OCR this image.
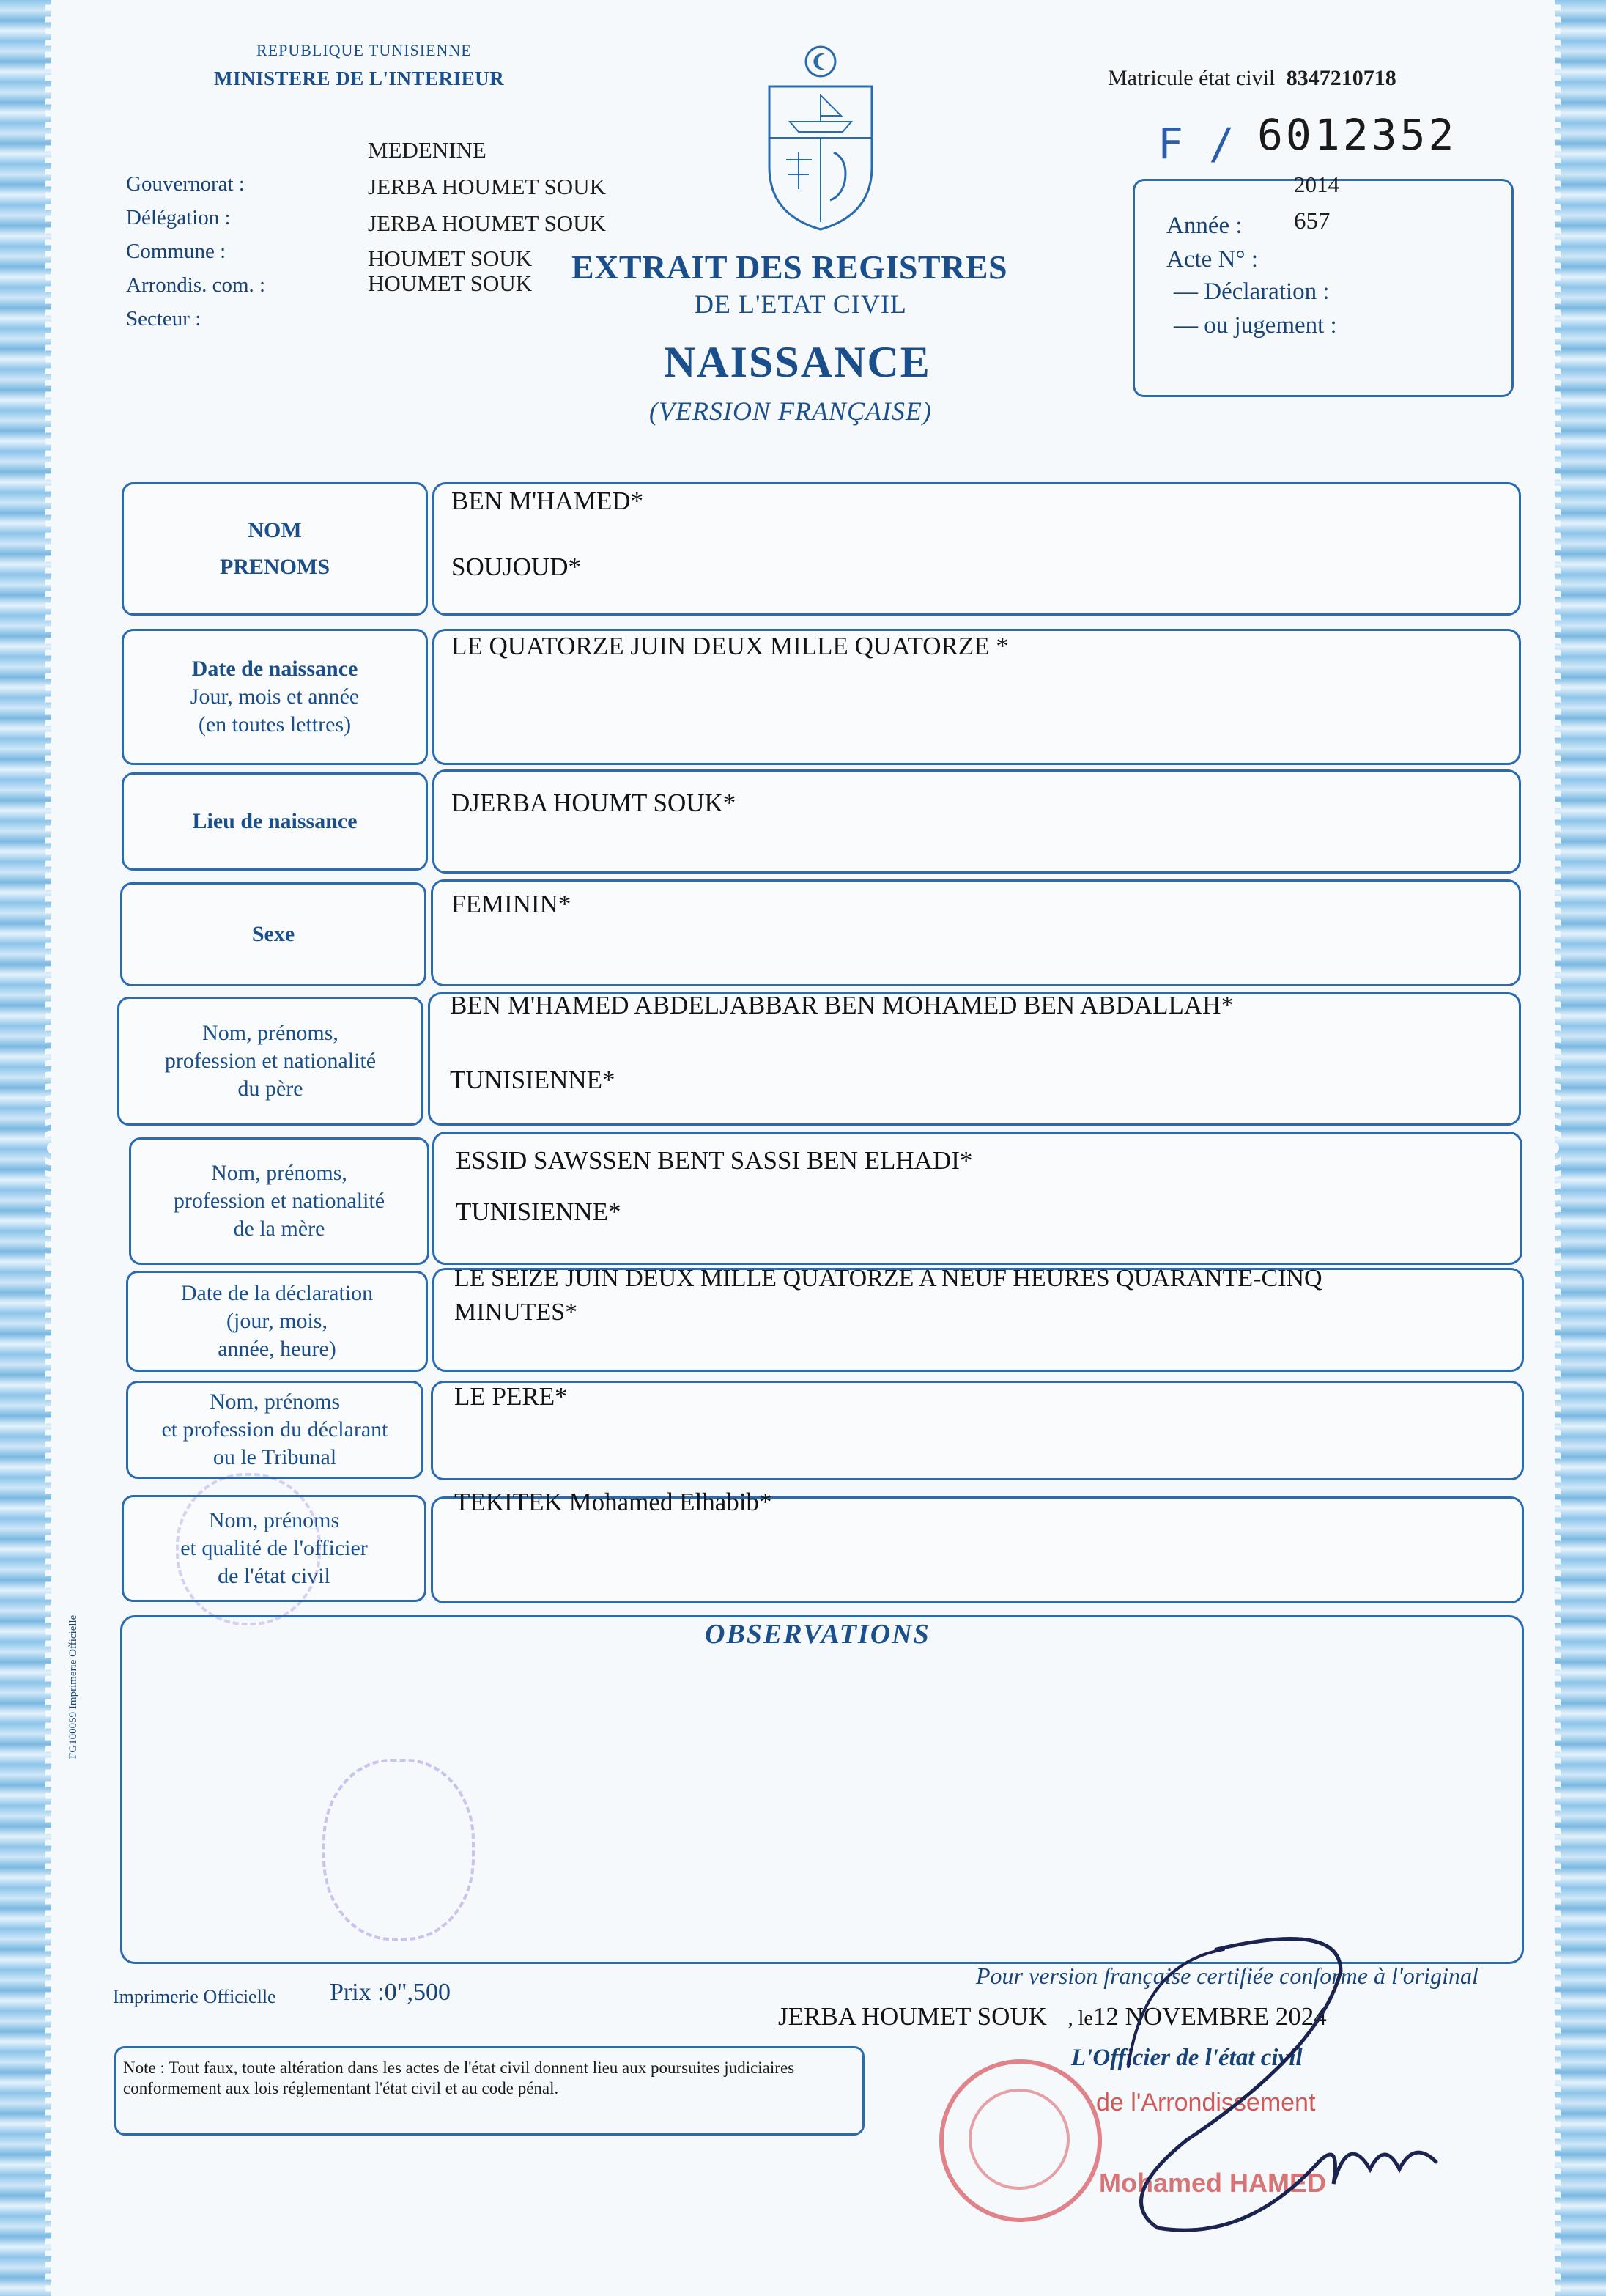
REPUBLIQUE TUNISIENNE
MINISTERE DE L'INTERIEUR	Matricule état civil 8347210718
Gouvernorat :
Délégation :
Commune :
Arrondis. com. :
Secteur :
MEDENINE
JERBA HOUMET SOUK
JERBA HOUMET SOUK
HOUMET SOUK
HOUMET SOUK	EXTRAIT DES REGISTRES
DE L'ETAT CIVIL
NAISSANCE
(VERSION FRANÇAISE)
F / 6012352
2014
Année : 657
Acte N° :
— Déclaration :
— ou jugement :
NOM
PRENOMS
BEN M'HAMED*
SOUJOUD*
Date de naissance
Jour, mois et année
(en toutes lettres)
LE QUATORZE JUIN DEUX MILLE QUATORZE *
Lieu de naissance
DJERBA HOUMT SOUK*
Sexe
FEMININ*
Nom, prénoms,
profession et nationalité
du père
BEN M'HAMED ABDELJABBAR BEN MOHAMED BEN ABDALLAH*
TUNISIENNE*
Nom, prénoms,
profession et nationalité
de la mère
ESSID SAWSSEN BENT SASSI BEN ELHADI*
TUNISIENNE*
Date de la déclaration
(jour, mois,
année, heure)
LE SEIZE JUIN DEUX MILLE QUATORZE A NEUF HEURES QUARANTE-CINQ
MINUTES*
Nom, prénoms
et profession du déclarant
ou le Tribunal
LE PERE*
Nom, prénoms
et qualité de l'officier
de l'état civil
TEKITEK Mohamed Elhabib*
OBSERVATIONS
FG100059 Imprimerie Officielle
Imprimerie Officielle Prix :0",500
Pour version française certifiée conforme à l'original
JERBA HOUMET SOUK , le12 NOVEMBRE 2024
Note : Tout faux, toute altération dans les actes de l'état civil donnent lieu aux poursuites judiciaires conformement aux lois réglementant l'état civil et au code pénal.
L'Officier de l'état civil
de l'Arrondissement
Mohamed HAMED
